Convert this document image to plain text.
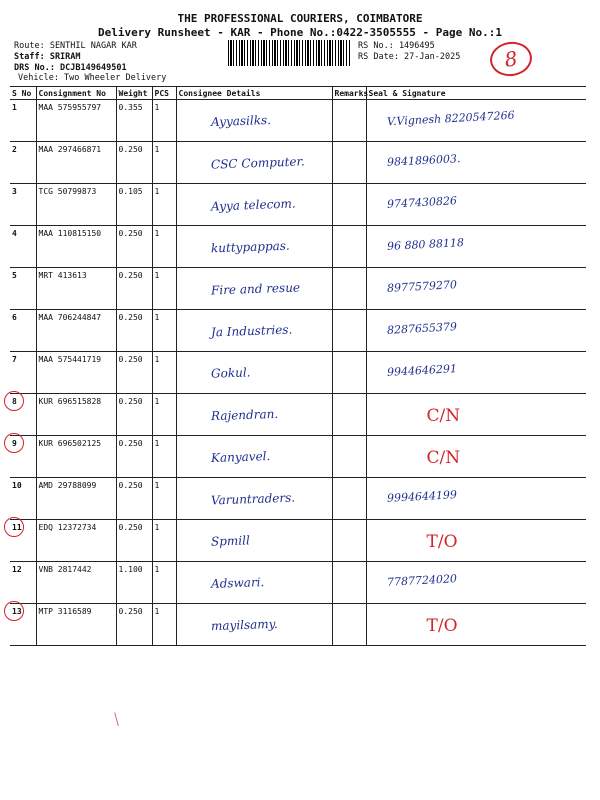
THE PROFESSIONAL COURIERS, COIMBATORE
Delivery Runsheet - KAR - Phone No.:0422-3505555 - Page No.:1
Route: SENTHIL NAGAR KAR
Staff: SRIRAM
DRS No.: DCJB149649501
Vehicle: Two Wheeler Delivery
RS No.: 1496495
RS Date: 27-Jan-2025	8
S No	Consignment No	Weight	PCS	Consignee Details	Remarks	Seal & Signature
1	MAA 575955797	0.355	1	Ayyasilks.		V.Vignesh 8220547266

2	MAA 297466871	0.250	1	CSC Computer.		9841896003.

3	TCG 50799873	0.105	1	Ayya telecom.		9747430826

4	MAA 110815150	0.250	1	kuttypappas.		96 880 88118

5	MRT 413613	0.250	1	Fire and resue		8977579270

6	MAA 706244847	0.250	1	Ja Industries.		8287655379

7	MAA 575441719	0.250	1	Gokul.		9944646291

8	KUR 696515828	0.250	1	Rajendran.		C/N

9	KUR 696502125	0.250	1	Kanyavel.		C/N

10	AMD 29788099	0.250	1	Varuntraders.		9994644199

11	EDQ 12372734	0.250	1	Spmill		T/O

12	VNB 2817442	1.100	1	Adswari.		7787724020

13	MTP 3116589	0.250	1	mayilsamy.		T/O
